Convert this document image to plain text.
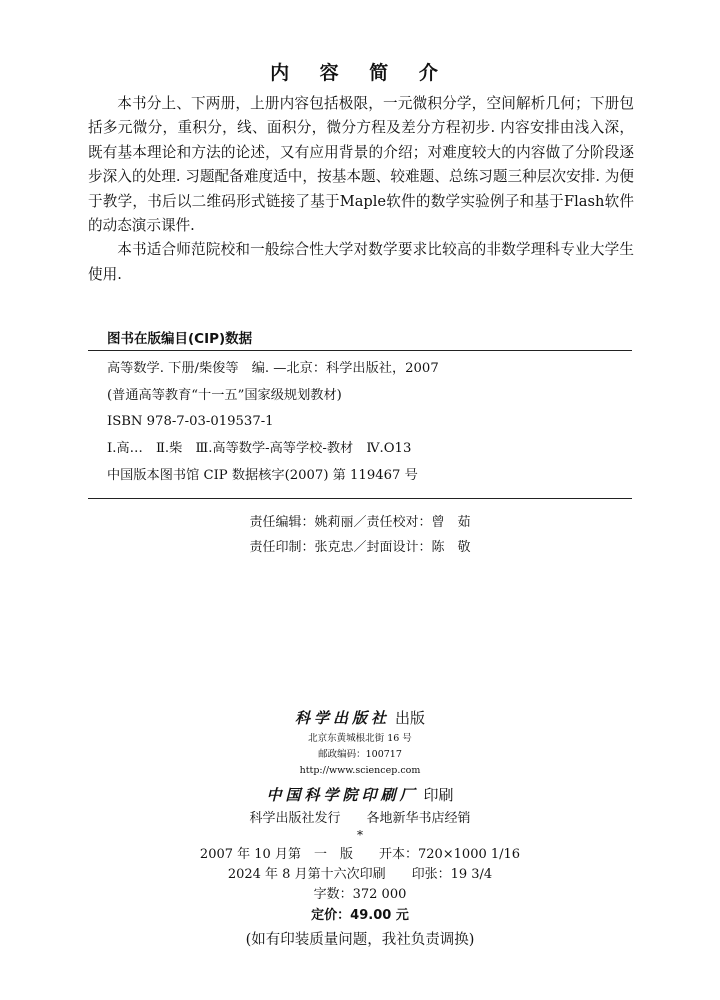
内 容 简 介

本书分上、下两册，上册内容包括极限，一元微积分学，空间解析几何；下册包括多元微分，重积分，线、面积分，微分方程及差分方程初步. 内容安排由浅入深，既有基本理论和方法的论述，又有应用背景的介绍；对难度较大的内容做了分阶段逐步深入的处理. 习题配备难度适中，按基本题、较难题、总练习题三种层次安排. 为便于教学，书后以二维码形式链接了基于Maple软件的数学实验例子和基于Flash软件的动态演示课件.

本书适合师范院校和一般综合性大学对数学要求比较高的非数学理科专业大学生使用.

图书在版编目(CIP)数据
高等数学. 下册/柴俊等　编. —北京：科学出版社，2007
(普通高等教育“十一五”国家级规划教材)
ISBN 978-7-03-019537-1
Ⅰ.高…　Ⅱ.柴　Ⅲ.高等数学-高等学校-教材　Ⅳ.O13
中国版本图书馆 CIP 数据核字(2007) 第 119467 号
责任编辑：姚莉丽／责任校对：曾　茹
责任印制：张克忠／封面设计：陈　敬
科学出版社 出版
北京东黄城根北街 16 号
邮政编码：100717
http://www.sciencep.com
中国科学院印刷厂 印刷
科学出版社发行　　各地新华书店经销
*
2007 年 10 月第　一　版　　开本：720×1000 1/16
2024 年 8 月第十六次印刷　　印张：19 3/4
字数：372 000
定价：49.00 元
(如有印装质量问题，我社负责调换)
